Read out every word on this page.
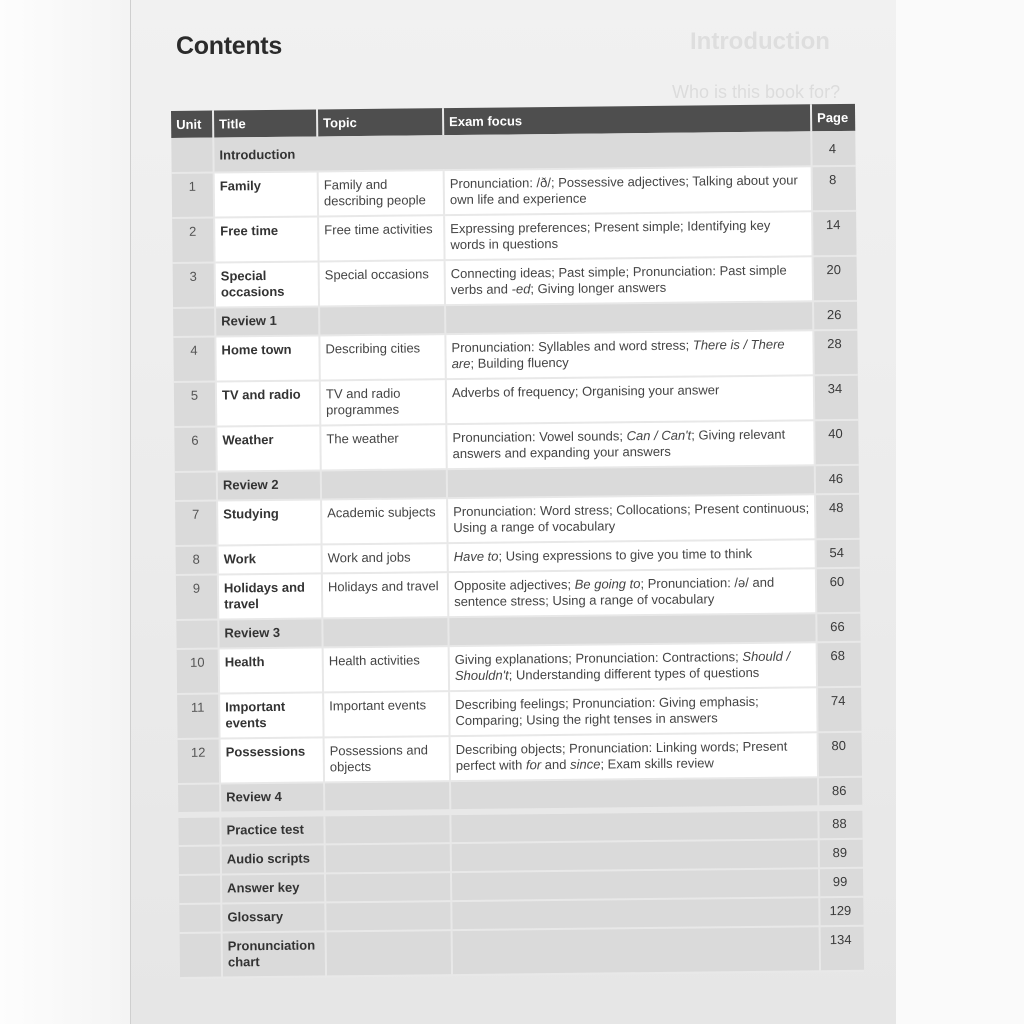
Contents	Introduction

Who is this book for?

Unit	Title	Topic	Exam focus	Page
	Introduction			4
1	Family	Family and describing people	Pronunciation: /ð/; Possessive adjectives; Talking about your own life and experience	8
2	Free time	Free time activities	Expressing preferences; Present simple; Identifying key words in questions	14
3	Special occasions	Special occasions	Connecting ideas; Past simple; Pronunciation: Past simple verbs and -ed; Giving longer answers	20
	Review 1			26
4	Home town	Describing cities	Pronunciation: Syllables and word stress; There is / There are; Building fluency	28
5	TV and radio	TV and radio programmes	Adverbs of frequency; Organising your answer	34
6	Weather	The weather	Pronunciation: Vowel sounds; Can / Can't; Giving relevant answers and expanding your answers	40
	Review 2			46
7	Studying	Academic subjects	Pronunciation: Word stress; Collocations; Present continuous; Using a range of vocabulary	48
8	Work	Work and jobs	Have to; Using expressions to give you time to think	54
9	Holidays and travel	Holidays and travel	Opposite adjectives; Be going to; Pronunciation: /ə/ and sentence stress; Using a range of vocabulary	60
	Review 3			66
10	Health	Health activities	Giving explanations; Pronunciation: Contractions; Should / Shouldn't; Understanding different types of questions	68
11	Important events	Important events	Describing feelings; Pronunciation: Giving emphasis; Comparing; Using the right tenses in answers	74
12	Possessions	Possessions and objects	Describing objects; Pronunciation: Linking words; Present perfect with for and since; Exam skills review	80
	Review 4			86

	Practice test			88
	Audio scripts			89
	Answer key			99
	Glossary			129
	Pronunciation chart			134
